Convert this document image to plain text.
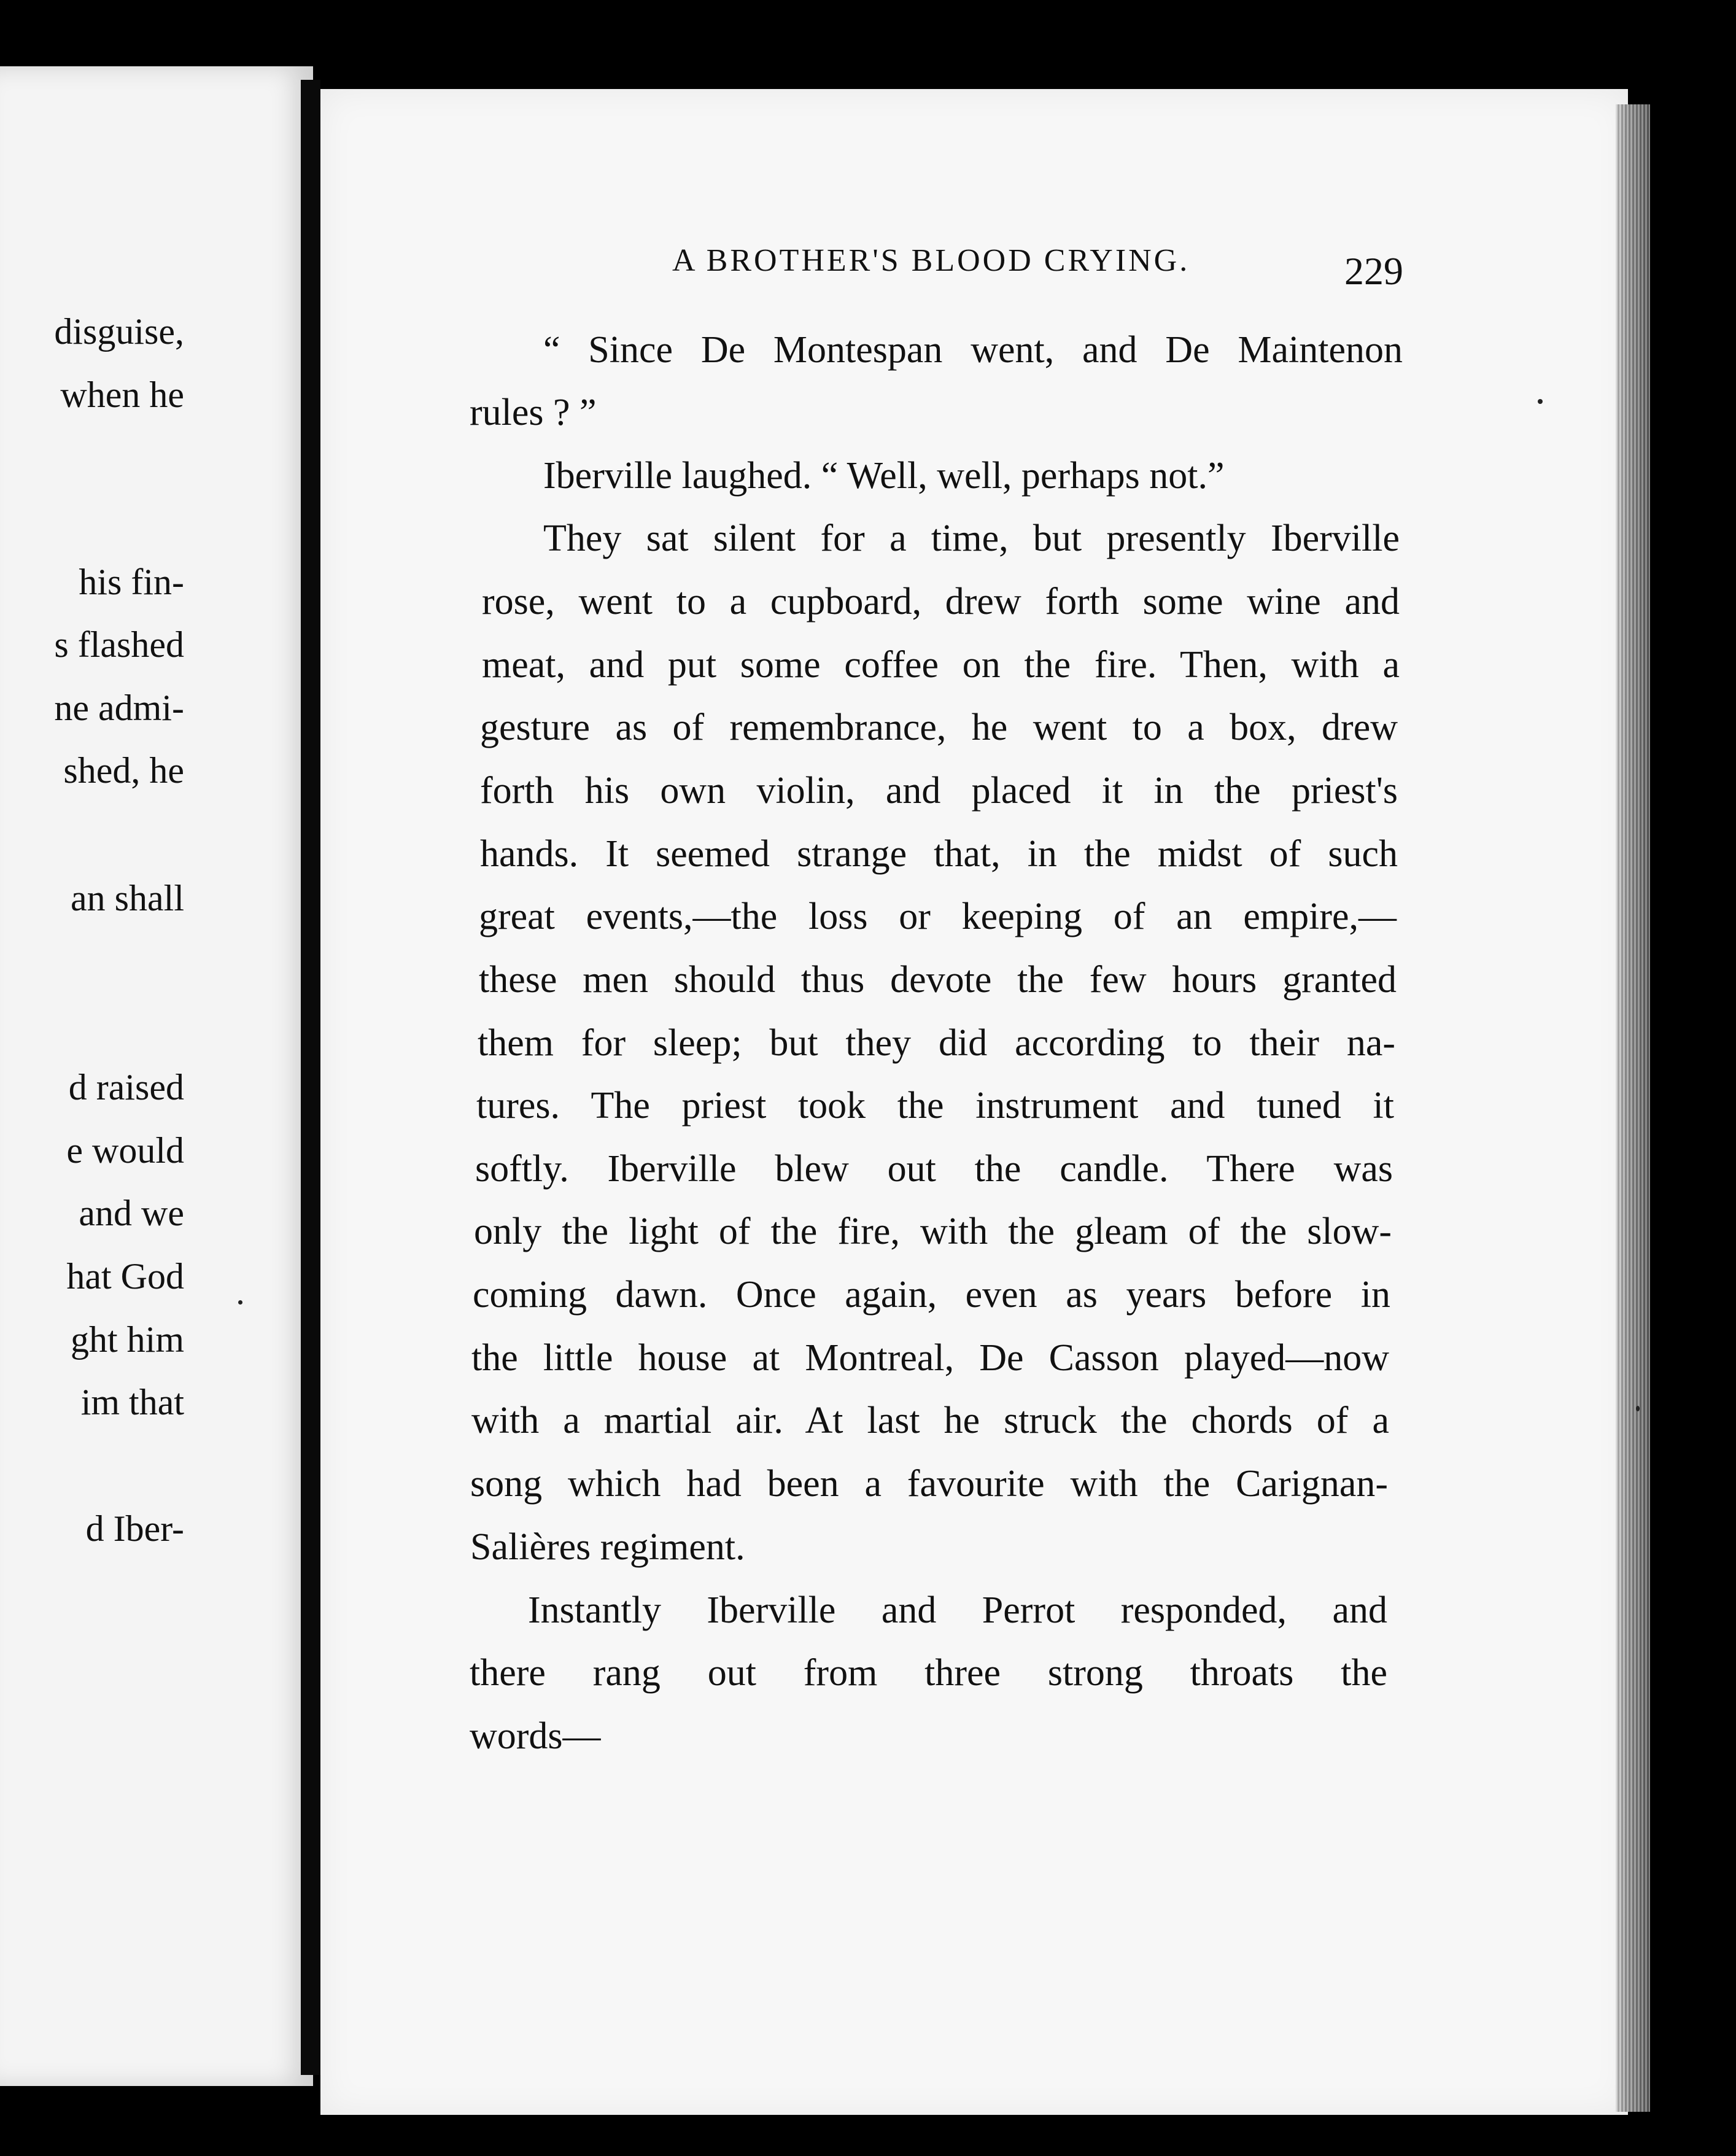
disguise,
when he
his fin-
s flashed
ne admi-
shed, he
an shall
d raised
e would
and we
hat God
ght him
im that
d Iber-
A BROTHER'S BLOOD CRYING.	229
“ Since De Montespan went, and De Maintenon
rules ? ”
Iberville laughed. “ Well, well, perhaps not.”
They sat silent for a time, but presently Iberville
rose, went to a cupboard, drew forth some wine and
meat, and put some coffee on the fire. Then, with a
gesture as of remembrance, he went to a box, drew
forth his own violin, and placed it in the priest's
hands. It seemed strange that, in the midst of such
great events,—the loss or keeping of an empire,—
these men should thus devote the few hours granted
them for sleep; but they did according to their na-
tures. The priest took the instrument and tuned it
softly. Iberville blew out the candle. There was
only the light of the fire, with the gleam of the slow-
coming dawn. Once again, even as years before in
the little house at Montreal, De Casson played—now
with a martial air. At last he struck the chords of a
song which had been a favourite with the Carignan-
Salières regiment.
Instantly Iberville and Perrot responded, and
there rang out from three strong throats the
words—
